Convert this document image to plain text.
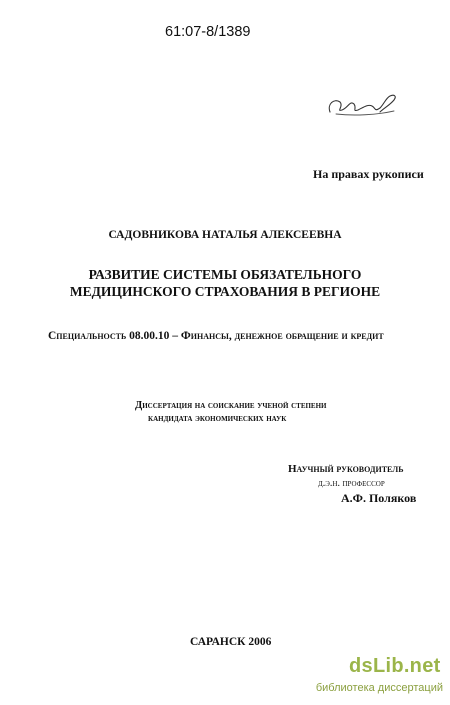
61:07-8/1389
На правах рукописи
САДОВНИКОВА НАТАЛЬЯ АЛЕКСЕЕВНА
РАЗВИТИЕ СИСТЕМЫ ОБЯЗАТЕЛЬНОГО
МЕДИЦИНСКОГО СТРАХОВАНИЯ В РЕГИОНЕ
Специальность 08.00.10 – Финансы, денежное обращение и кредит
Диссертация на соискание ученой степени
кандидата экономических наук
Научный руководитель
д.э.н. профессор
А.Ф. Поляков
САРАНСК 2006
dsLib.net
библиотека диссертаций
